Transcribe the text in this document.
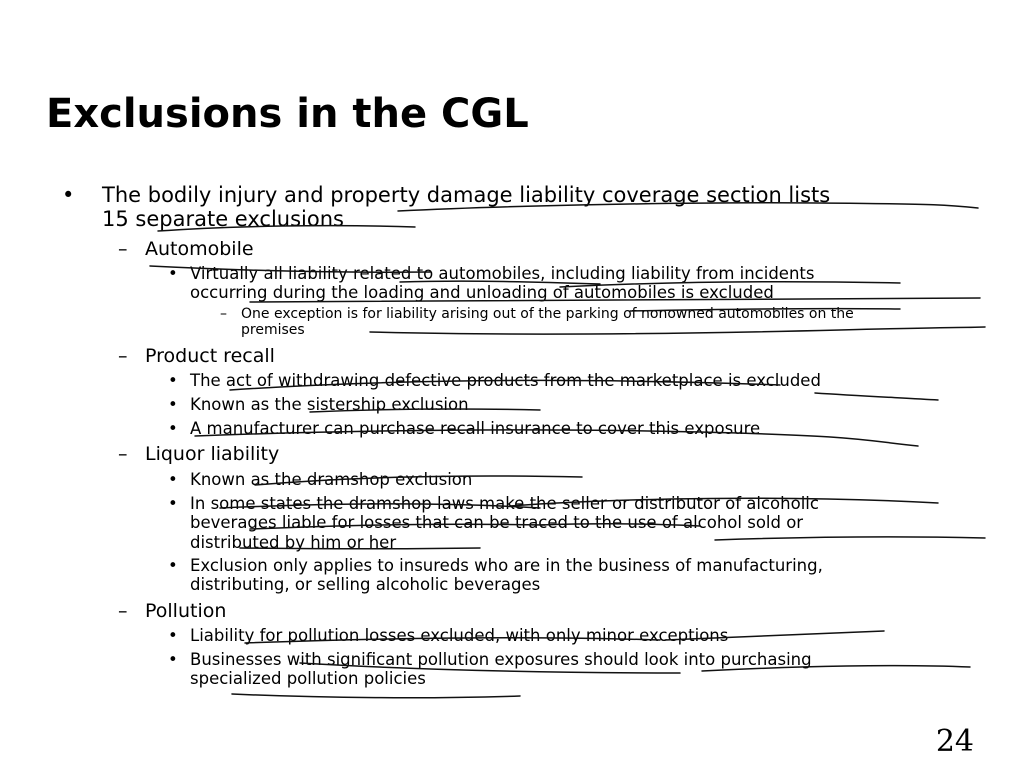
Exclusions in the CGL
• The bodily injury and property damage liability coverage section lists

15 separate exclusions

– Automobile

• Virtually all liability related to automobiles, including liability from incidents

occurring during the loading and unloading of automobiles is excluded

– One exception is for liability arising out of the parking of nonowned automobiles on the

premises

– Product recall

• The act of withdrawing defective products from the marketplace is excluded

• Known as the sistership exclusion

• A manufacturer can purchase recall insurance to cover this exposure

– Liquor liability

• Known as the dramshop exclusion

• In some states the dramshop laws make the seller or distributor of alcoholic

beverages liable for losses that can be traced to the use of alcohol sold or

distributed by him or her

• Exclusion only applies to insureds who are in the business of manufacturing,

distributing, or selling alcoholic beverages

– Pollution

• Liability for pollution losses excluded, with only minor exceptions

• Businesses with significant pollution exposures should look into purchasing

specialized pollution policies

24
